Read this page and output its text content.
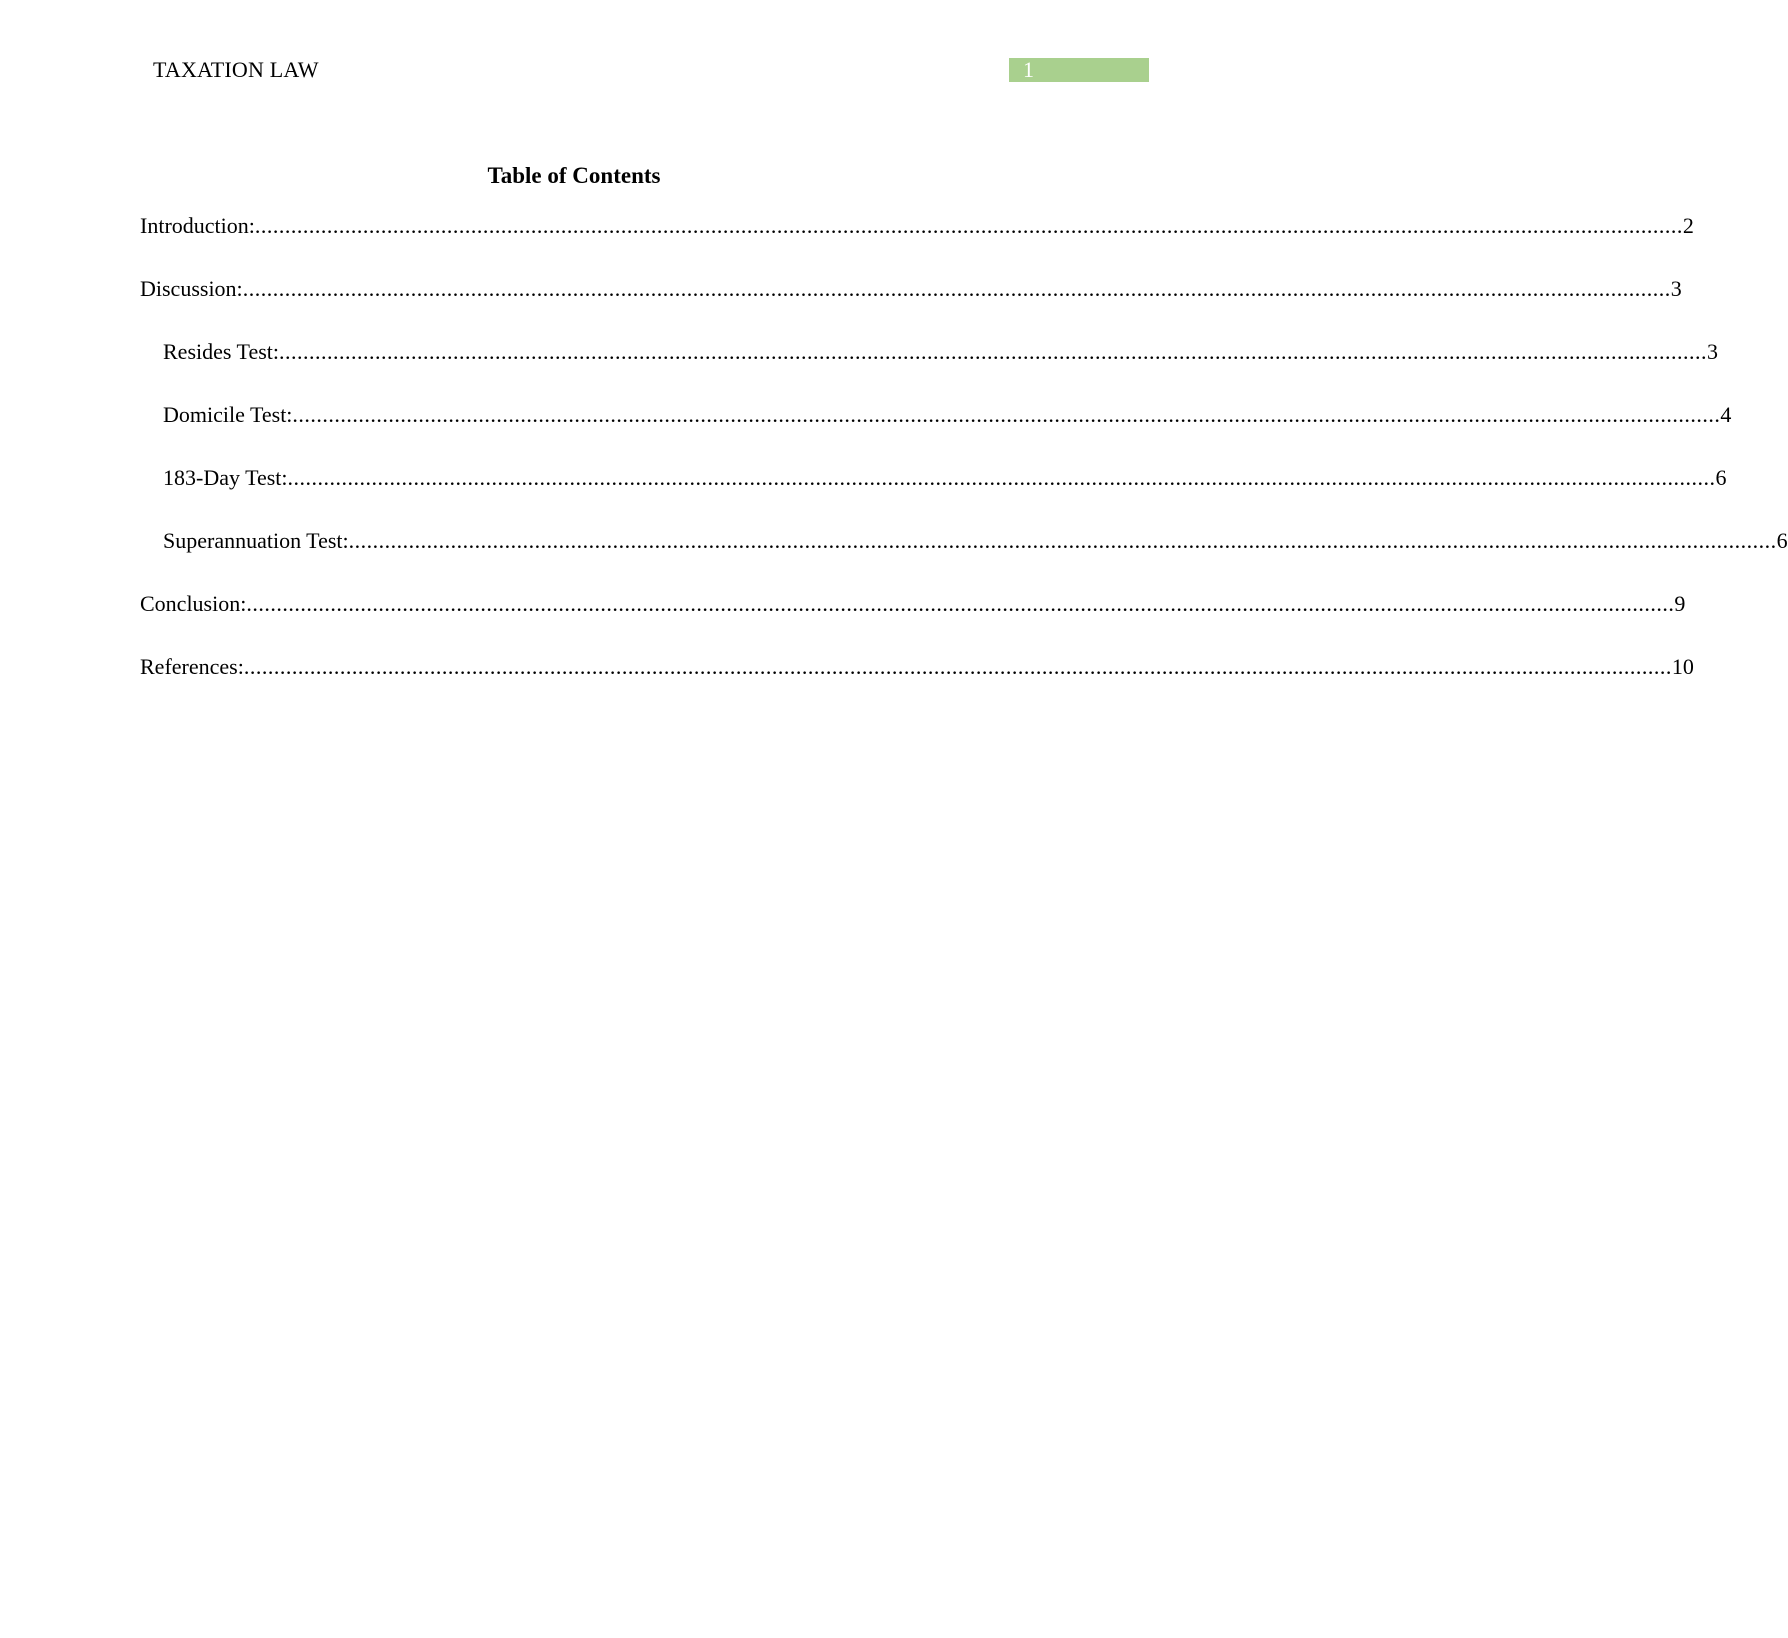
TAXATION LAW	1
Table of Contents
Introduction: .............................................................................................................................................................................................................................................. 2
Discussion: .............................................................................................................................................................................................................................................. 3
Resides Test: .............................................................................................................................................................................................................................................. 3
Domicile Test: .............................................................................................................................................................................................................................................. 4
183-Day Test: .............................................................................................................................................................................................................................................. 6
Superannuation Test: .............................................................................................................................................................................................................................................. 6
Conclusion: .............................................................................................................................................................................................................................................. 9
References: .............................................................................................................................................................................................................................................. 10
